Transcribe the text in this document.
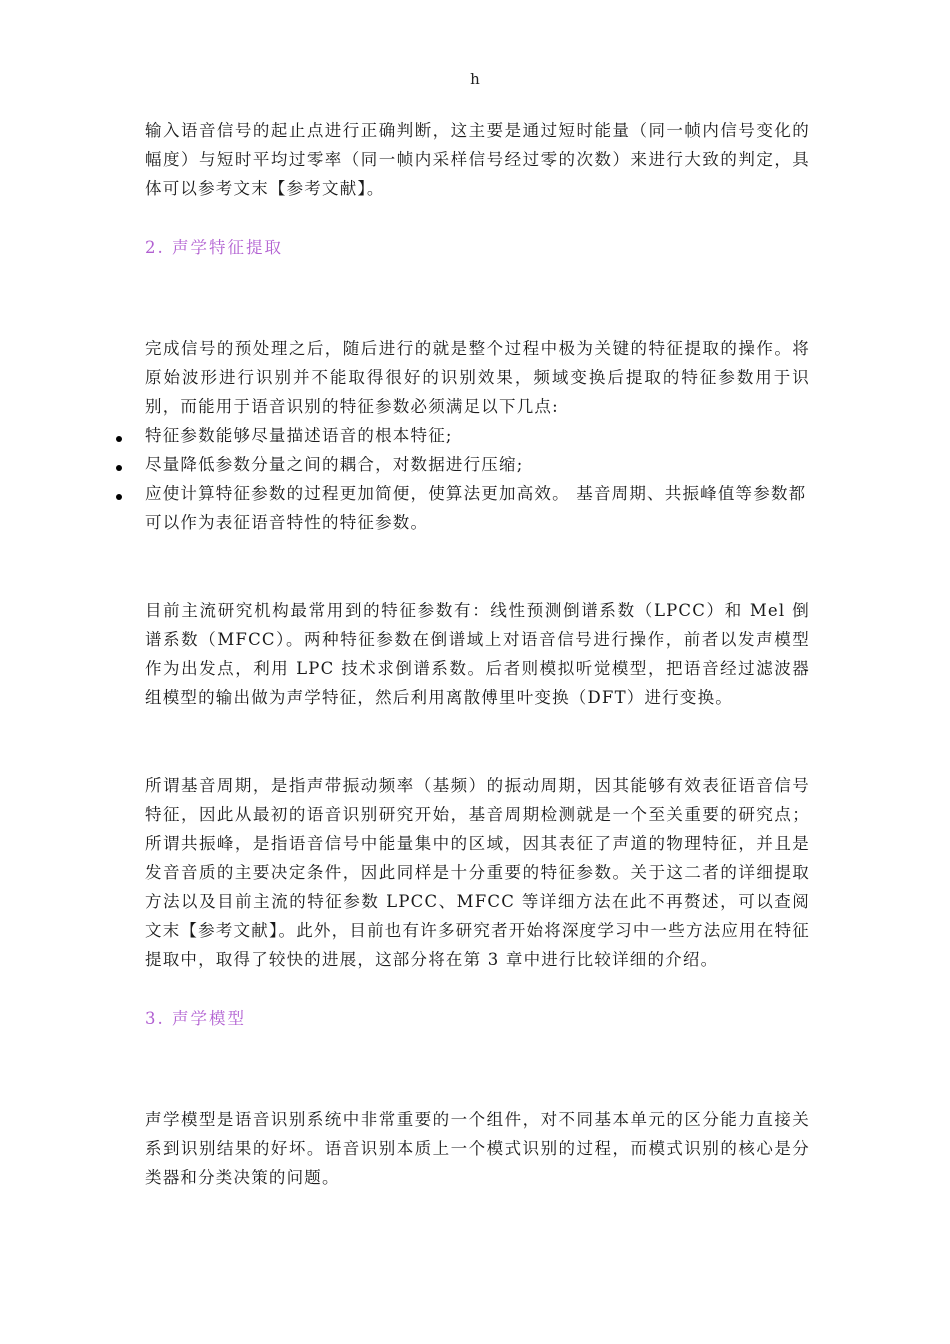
h

输入语音信号的起止点进行正确判断，这主要是通过短时能量（同一帧内信号变化的幅度）与短时平均过零率（同一帧内采样信号经过零的次数）来进行大致的判定，具体可以参考文末【参考文献】。

2. 声学特征提取

完成信号的预处理之后，随后进行的就是整个过程中极为关键的特征提取的操作。将原始波形进行识别并不能取得很好的识别效果，频域变换后提取的特征参数用于识别，而能用于语音识别的特征参数必须满足以下几点:

特征参数能够尽量描述语音的根本特征;
尽量降低参数分量之间的耦合，对数据进行压缩;
应使计算特征参数的过程更加简便，使算法更加高效。 基音周期、共振峰值等参数都可以作为表征语音特性的特征参数。

目前主流研究机构最常用到的特征参数有：线性预测倒谱系数（LPCC）和 Mel 倒谱系数（MFCC）。两种特征参数在倒谱域上对语音信号进行操作，前者以发声模型作为出发点，利用 LPC 技术求倒谱系数。后者则模拟听觉模型，把语音经过滤波器组模型的输出做为声学特征，然后利用离散傅里叶变换（DFT）进行变换。

所谓基音周期，是指声带振动频率（基频）的振动周期，因其能够有效表征语音信号特征，因此从最初的语音识别研究开始，基音周期检测就是一个至关重要的研究点；所谓共振峰，是指语音信号中能量集中的区域，因其表征了声道的物理特征，并且是发音音质的主要决定条件，因此同样是十分重要的特征参数。关于这二者的详细提取方法以及目前主流的特征参数 LPCC、MFCC 等详细方法在此不再赘述，可以查阅文末【参考文献】。此外，目前也有许多研究者开始将深度学习中一些方法应用在特征提取中，取得了较快的进展，这部分将在第 3 章中进行比较详细的介绍。

3. 声学模型

声学模型是语音识别系统中非常重要的一个组件，对不同基本单元的区分能力直接关系到识别结果的好坏。语音识别本质上一个模式识别的过程，而模式识别的核心是分类器和分类决策的问题。
